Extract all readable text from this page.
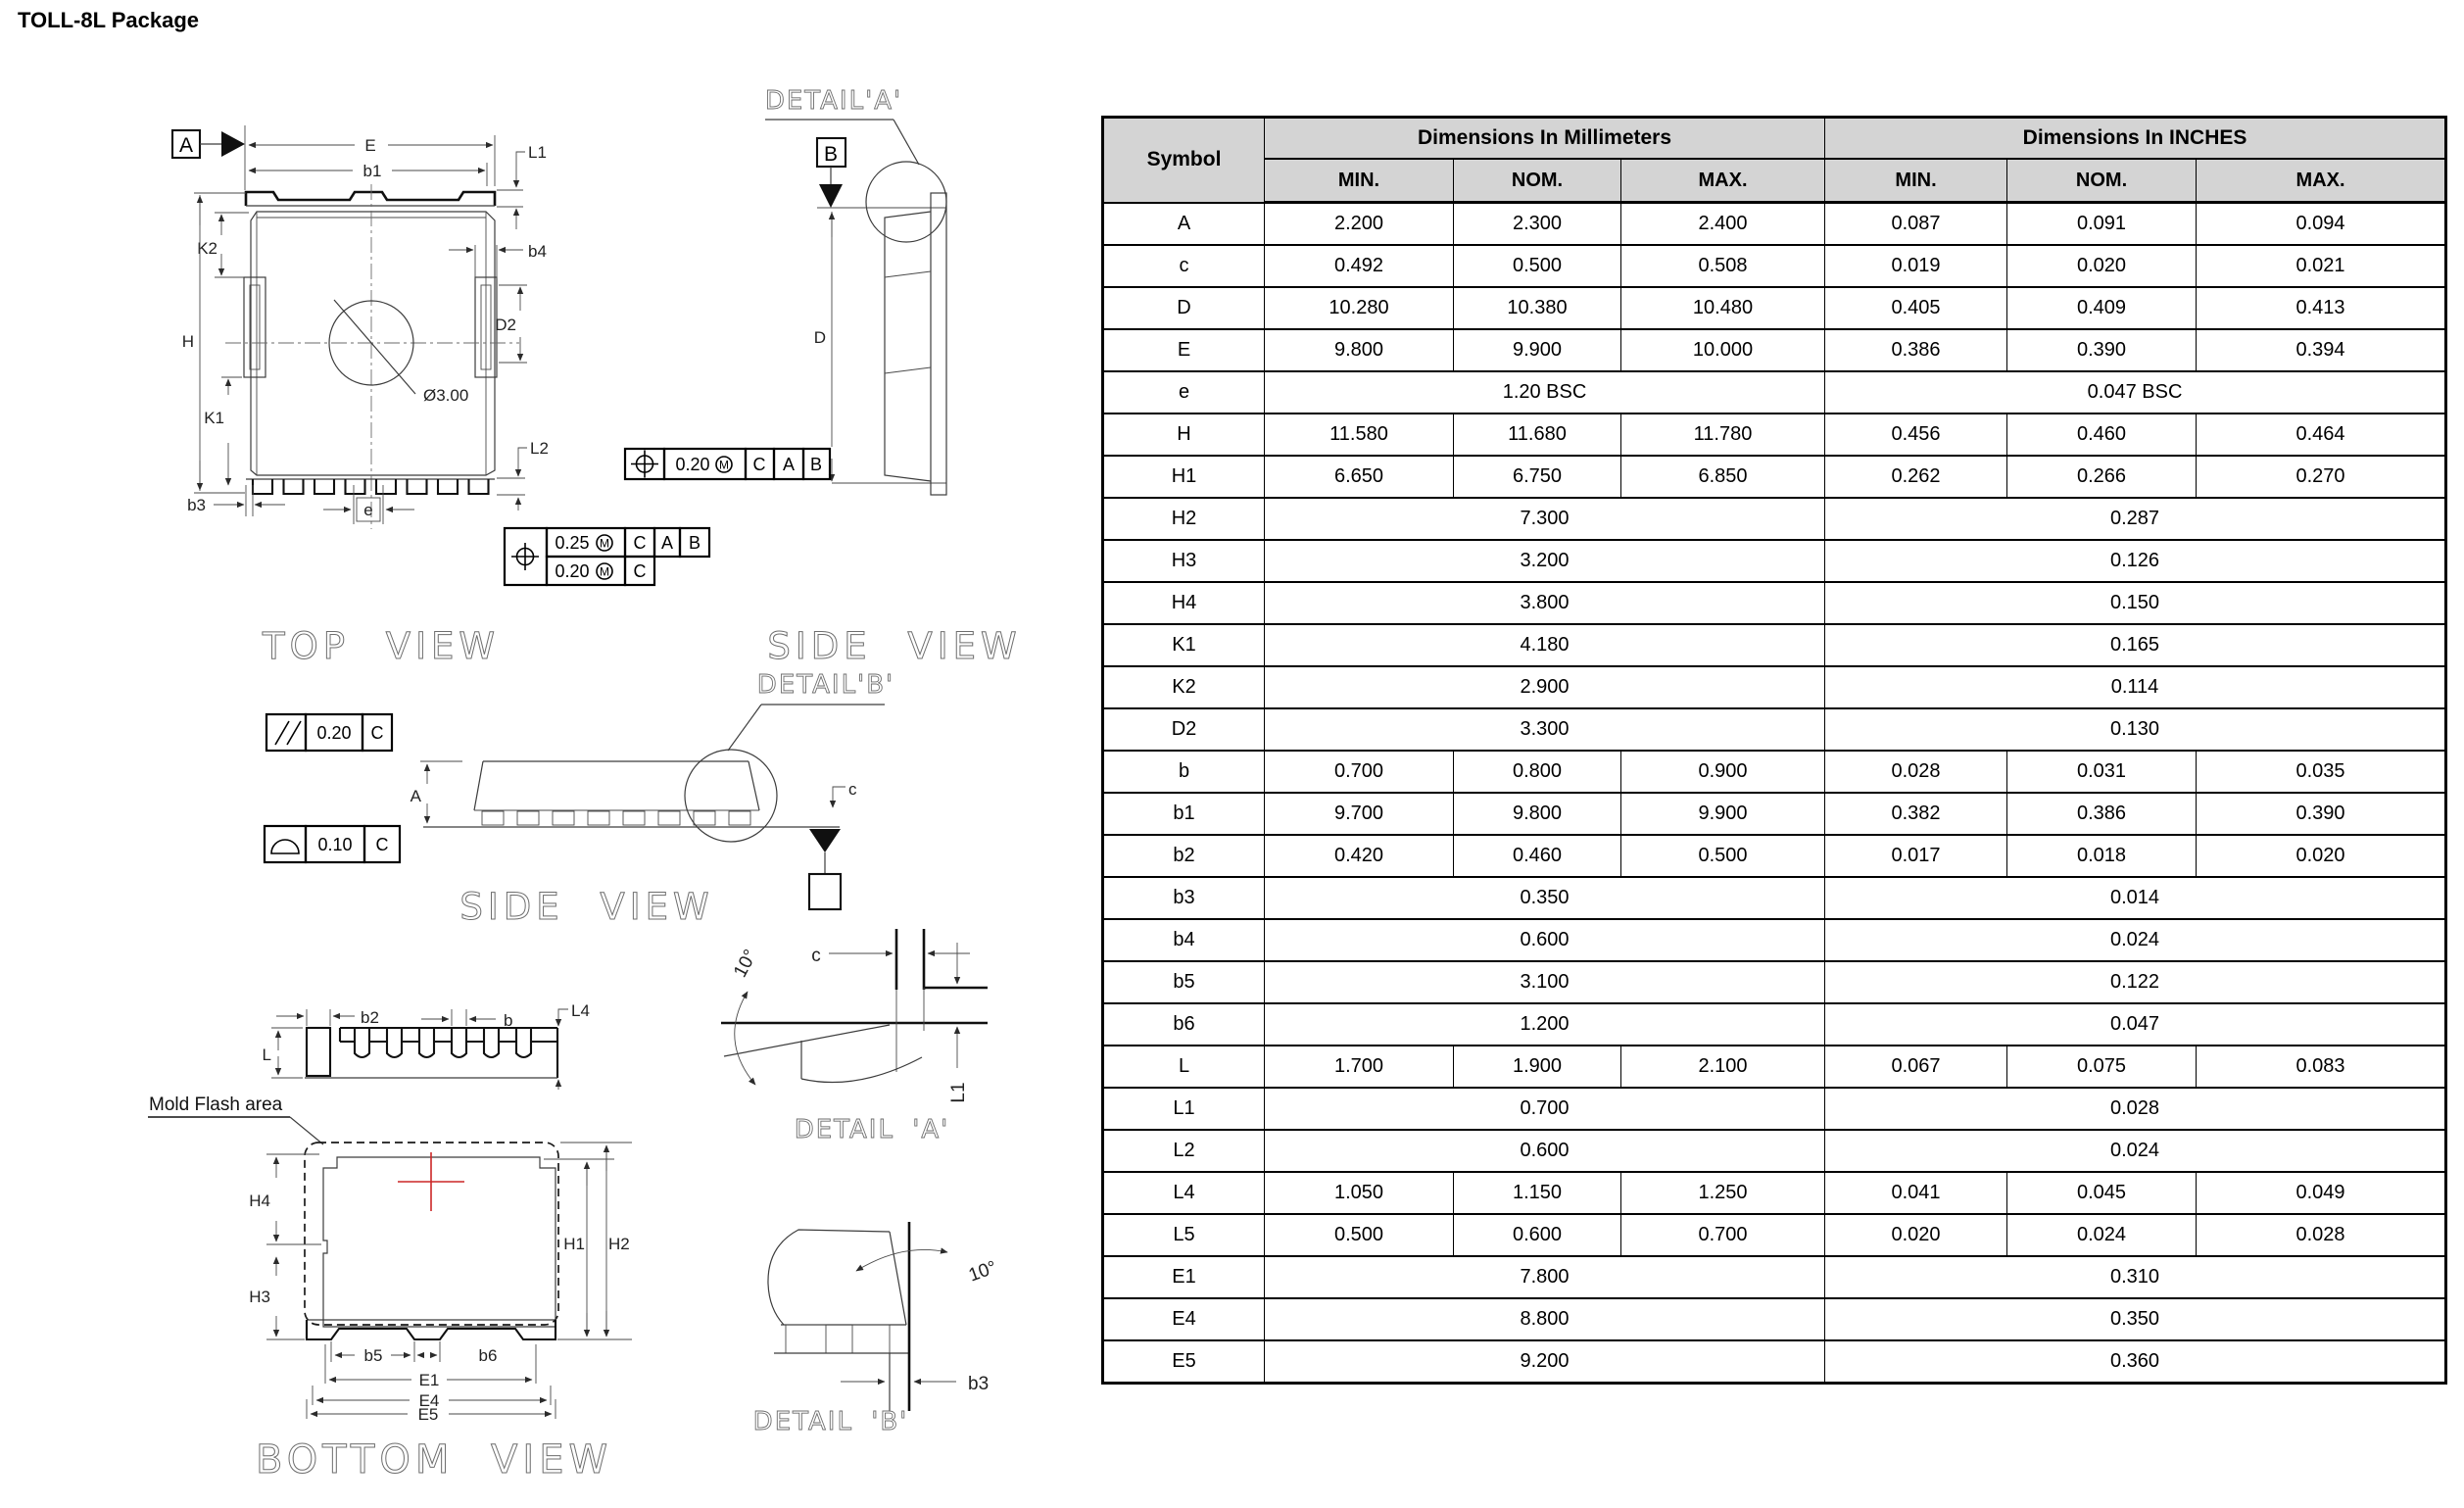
TOLL-8L Package
A	E
b1
Ø3.00
K2
H
K1
b4
D2
L1
L2
b3	e
0.25 M C A B
0.20 M C
TOP VIEW
DETAIL'A'
B
D
0.20 M C A B
SIDE VIEW
0.20 C
0.10 C
A	c
DETAIL'B'
SIDE VIEW
10°	c
L1
DETAIL 'A'
10°
b3
DETAIL 'B'
b2	b
L4
L
Mold Flash area
H4
H3
H1 H2
b5	b6
E1
E4
E5
BOTTOM VIEW
Symbol	Dimensions In Millimeters			Dimensions In INCHES		
	MIN.	NOM.	MAX.	MIN.	NOM.	MAX.
A	2.200	2.300	2.400	0.087	0.091	0.094
c	0.492	0.500	0.508	0.019	0.020	0.021
D	10.280	10.380	10.480	0.405	0.409	0.413
E	9.800	9.900	10.000	0.386	0.390	0.394
e	1.20 BSC			0.047 BSC		
H	11.580	11.680	11.780	0.456	0.460	0.464
H1	6.650	6.750	6.850	0.262	0.266	0.270
H2	7.300			0.287		
H3	3.200			0.126		
H4	3.800			0.150		
K1	4.180			0.165		
K2	2.900			0.114		
D2	3.300			0.130		
b	0.700	0.800	0.900	0.028	0.031	0.035
b1	9.700	9.800	9.900	0.382	0.386	0.390
b2	0.420	0.460	0.500	0.017	0.018	0.020
b3	0.350			0.014		
b4	0.600			0.024		
b5	3.100			0.122		
b6	1.200			0.047		
L	1.700	1.900	2.100	0.067	0.075	0.083
L1	0.700			0.028		
L2	0.600			0.024		
L4	1.050	1.150	1.250	0.041	0.045	0.049
L5	0.500	0.600	0.700	0.020	0.024	0.028
E1	7.800			0.310		
E4	8.800			0.350		
E5	9.200			0.360		
